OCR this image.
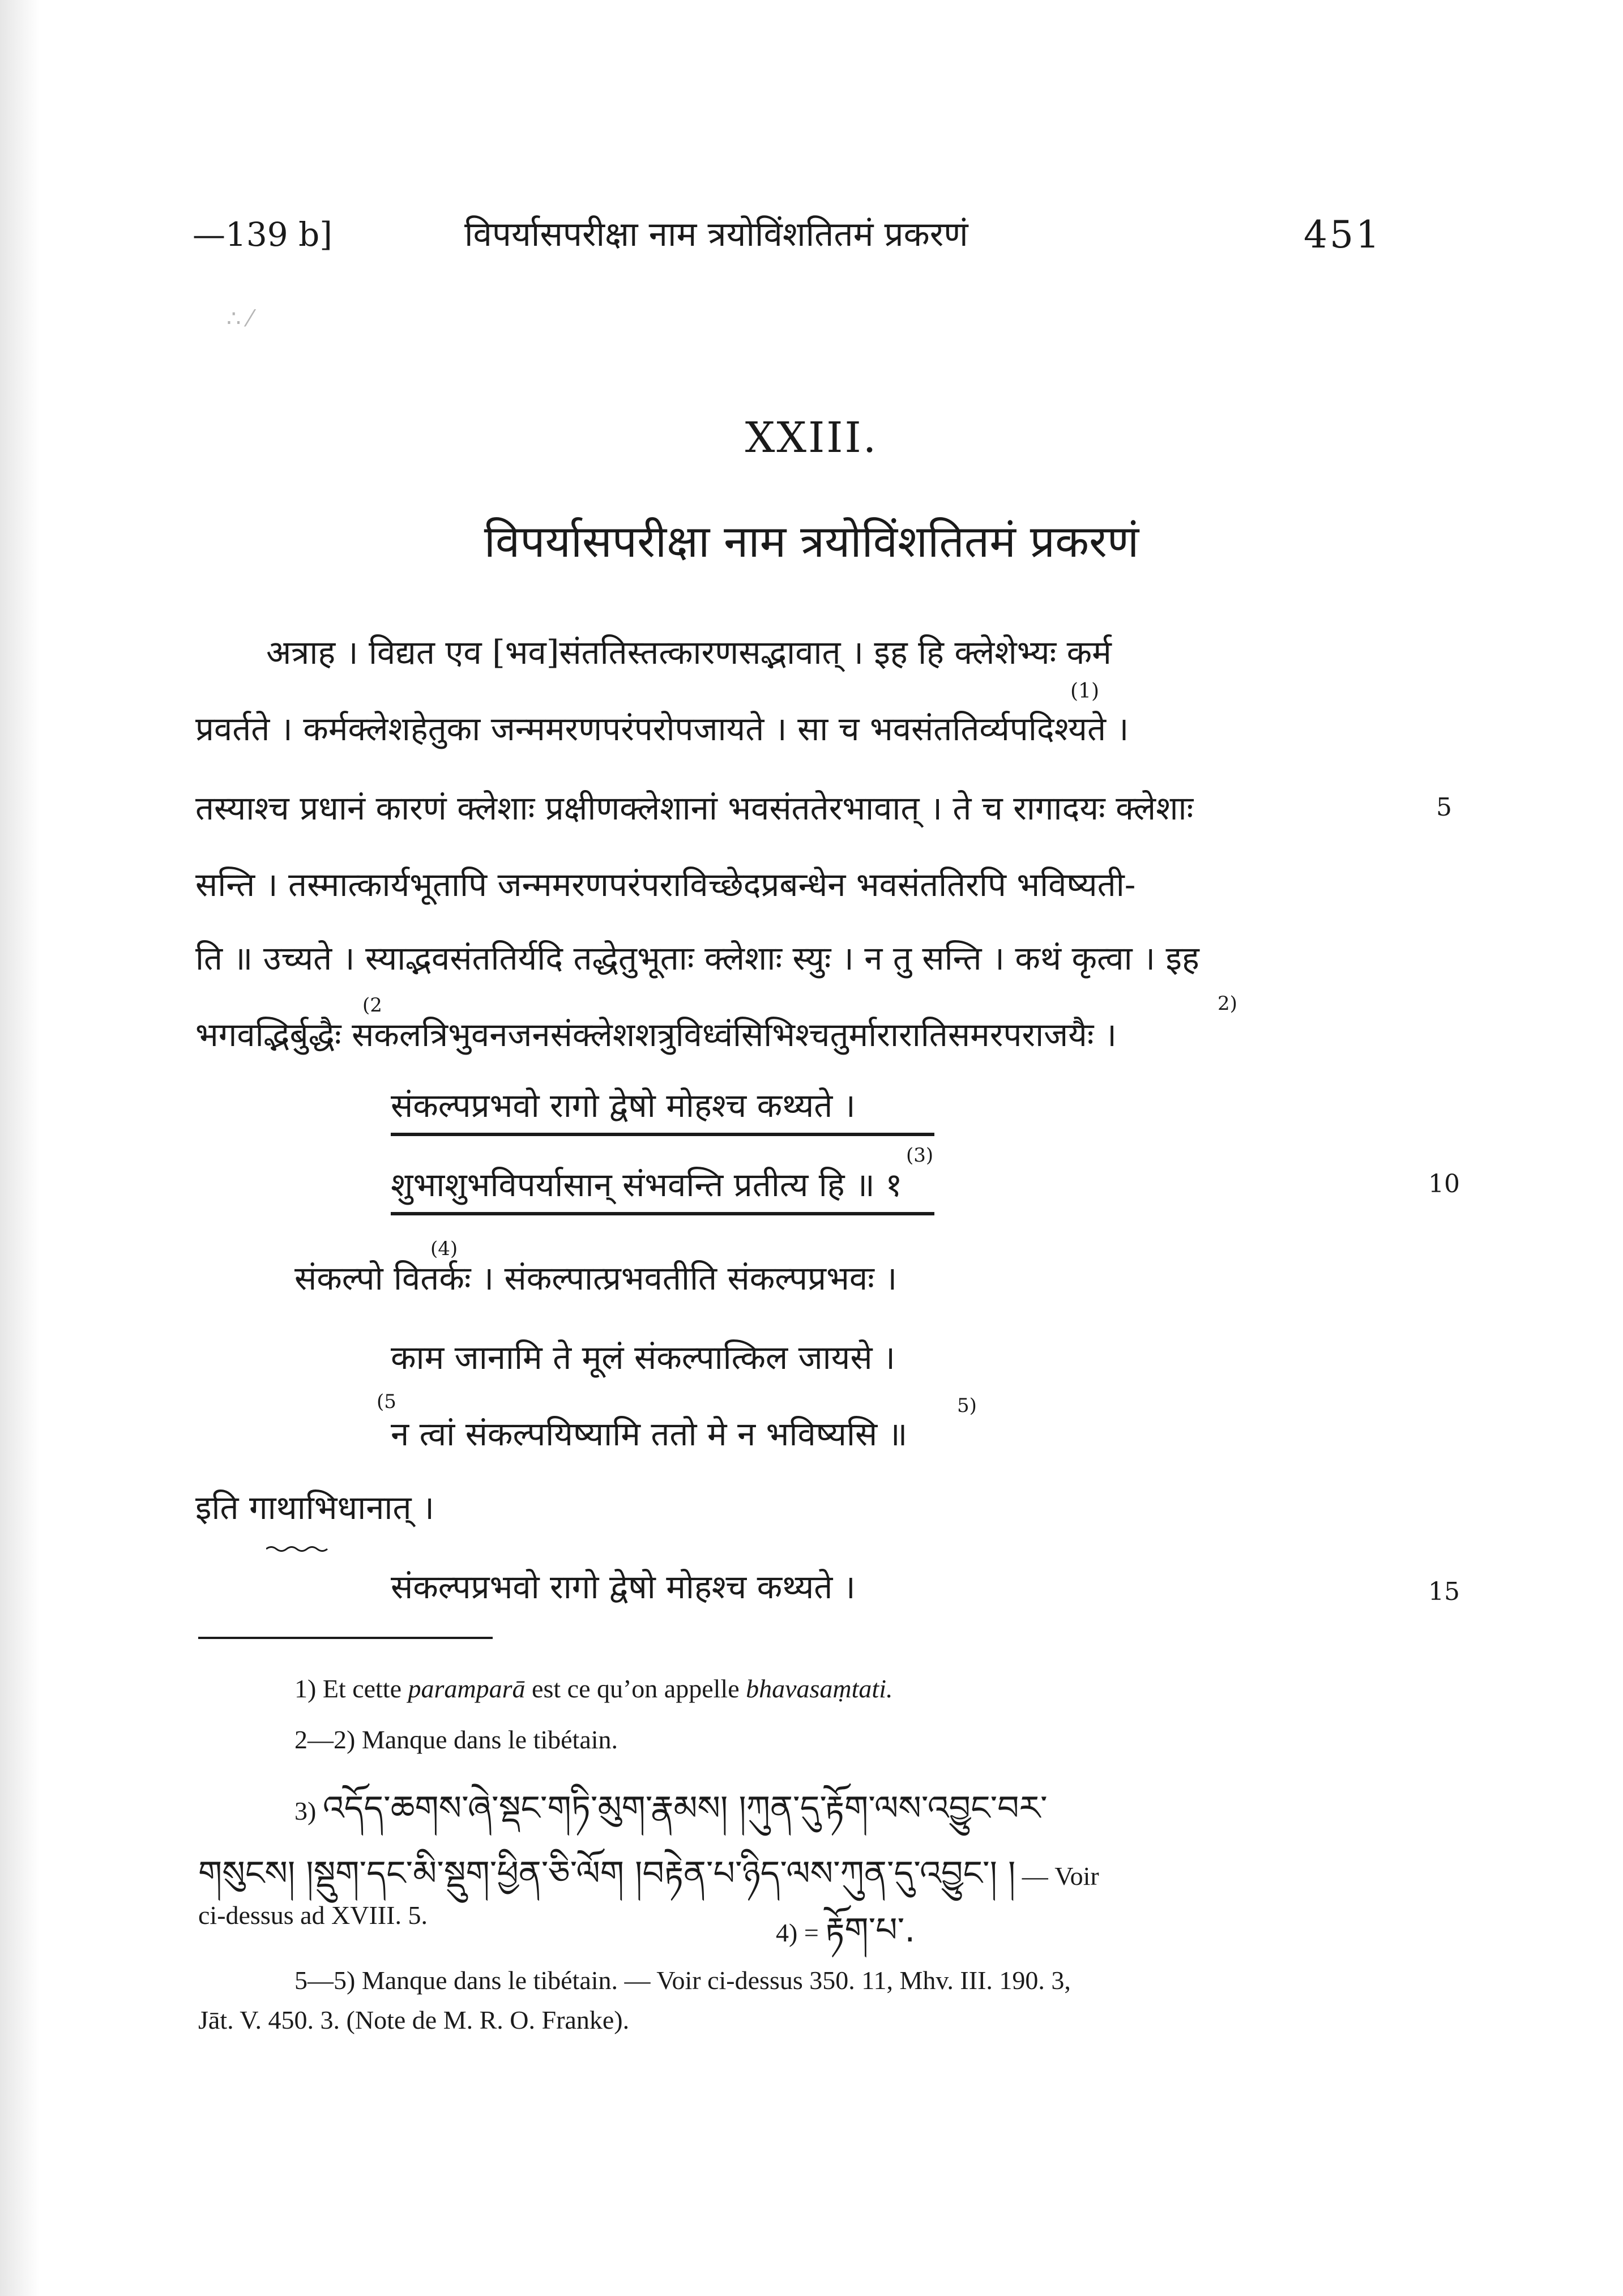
—139 b]	विपर्यासपरीक्षा नाम त्रयोविंशतितमं प्रकरणं	451
∴ ⁄
XXIII.
विपर्यासपरीक्षा नाम त्रयोविंशतितमं प्रकरणं
अत्राह । विद्यत एव [भव]संततिस्तत्कारणसद्भावात् । इह हि क्लेशेभ्यः कर्म
प्रवर्तते । कर्मक्लेशहेतुका जन्ममरणपरंपरोपजायते । सा च भवसंततिर्व्यपदिश्यते ।
(1)
तस्याश्च प्रधानं कारणं क्लेशाः प्रक्षीणक्लेशानां भवसंततेरभावात् । ते च रागादयः क्लेशाः	5
सन्ति । तस्मात्कार्यभूतापि जन्ममरणपरंपराविच्छेदप्रबन्धेन भवसंततिरपि भविष्यती-
ति ॥ उच्यते । स्याद्भवसंततिर्यदि तद्धेतुभूताः क्लेशाः स्युः । न तु सन्ति । कथं कृत्वा । इह
भगवद्भिर्बुद्धैः सकलत्रिभुवनजनसंक्लेशशत्रुविध्वंसिभिश्चतुर्मारारातिसमरपराजयैः ।
(2	2)
संकल्पप्रभवो रागो द्वेषो मोहश्च कथ्यते ।
शुभाशुभविपर्यासान् संभवन्ति प्रतीत्य हि ॥ १
(3)
10
संकल्पो वितर्कः । संकल्पात्प्रभवतीति संकल्पप्रभवः ।
(4)
काम जानामि ते मूलं संकल्पात्किल जायसे ।
न त्वां संकल्पयिष्यामि ततो मे न भविष्यसि ॥
(5	5)
इति गाथाभिधानात् ।
संकल्पप्रभवो रागो द्वेषो मोहश्च कथ्यते ।	15
1) Et cette paramparā est ce qu’on appelle bhavasaṃtati.
2—2) Manque dans le tibétain.
3) འདོད་ཆགས་ཞེ་སྡང་གཏི་མུག་རྣམས། །ཀུན་དུ་རྟོག་ལས་འབྱུང་བར་
གསུངས། །སྡུག་དང་མི་སྡུག་ཕྱིན་ཅི་ལོག །བརྟེན་པ་ཉིད་ལས་ཀུན་དུ་འབྱུང་། ། — Voir
ci-dessus ad XVIII. 5.
4) = རྟོག་པ་.
5—5) Manque dans le tibétain. — Voir ci-dessus 350. 11, Mhv. III. 190. 3,
Jāt. V. 450. 3. (Note de M. R. O. Franke).
